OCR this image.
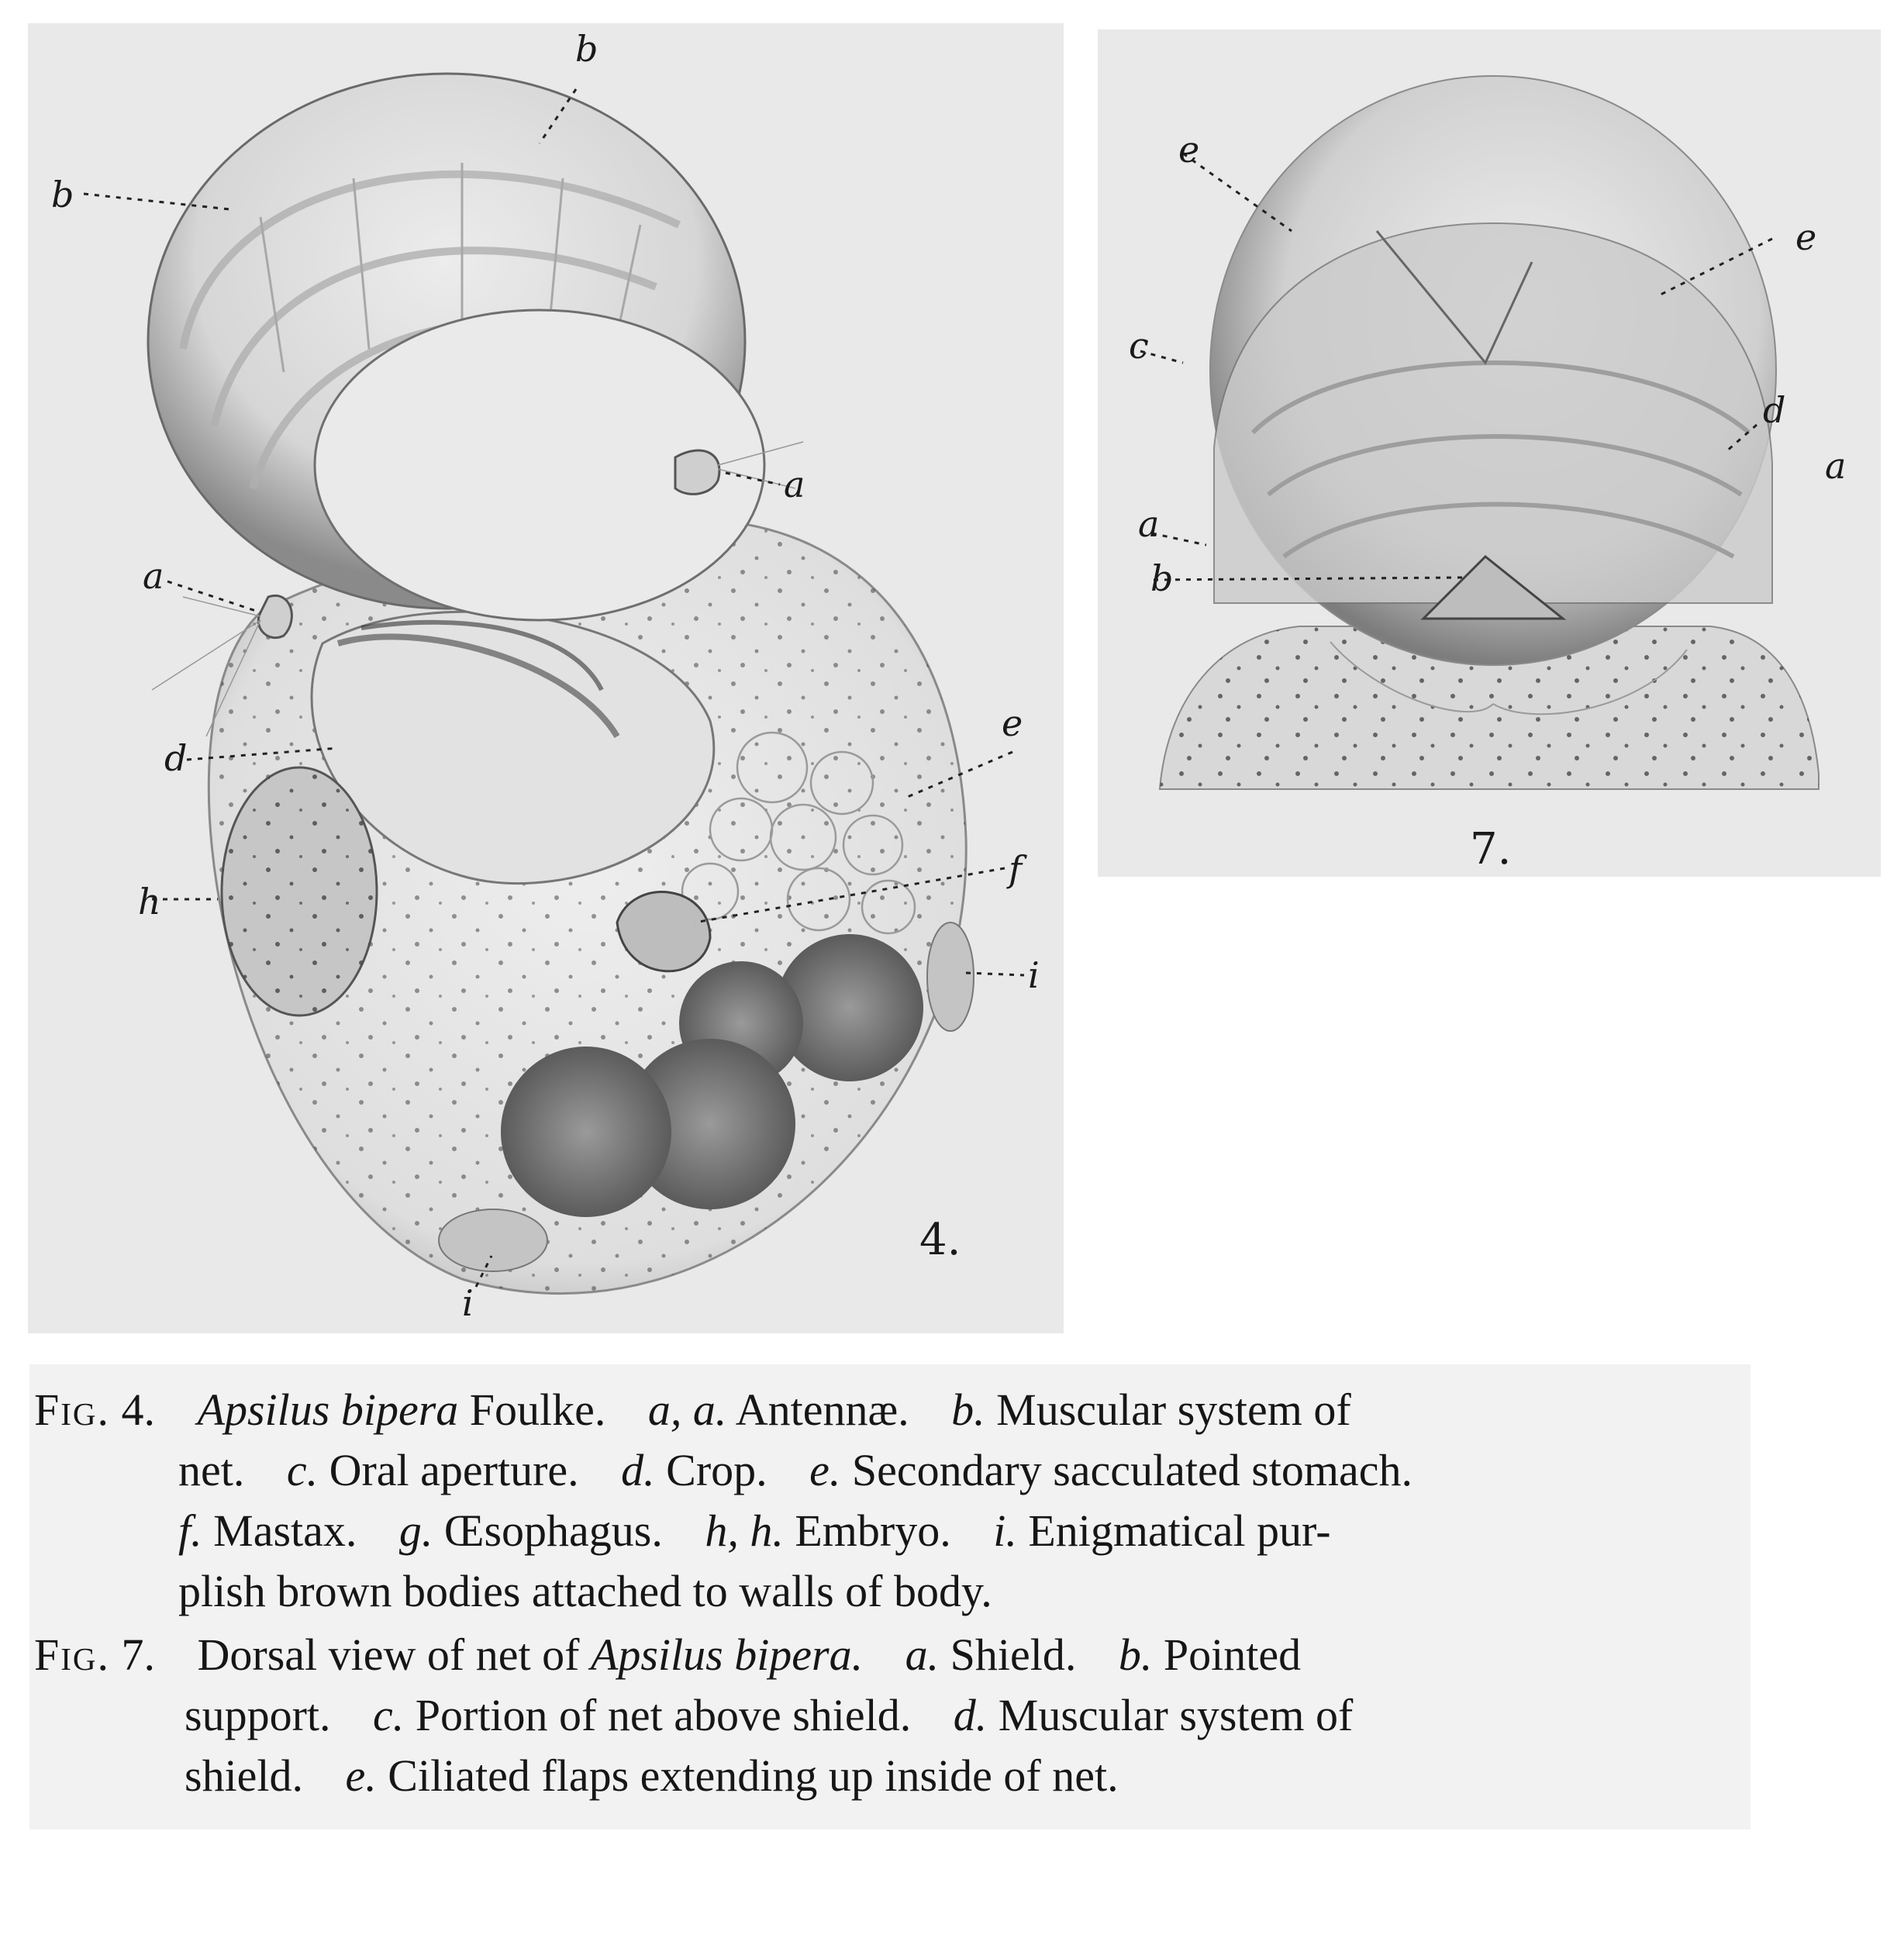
b
b
a
a
d
e
h
f
i
i
4.
e
e
c
d
a
a
b
7.
Fig. 4. Apsilus bipera Foulke. a, a. Antennæ. b. Muscular system of
net. c. Oral aperture. d. Crop. e. Secondary sacculated stomach.
f. Mastax. g. Œsophagus. h, h. Embryo. i. Enigmatical pur-
plish brown bodies attached to walls of body.
Fig. 7. Dorsal view of net of Apsilus bipera. a. Shield. b. Pointed
support. c. Portion of net above shield. d. Muscular system of
shield. e. Ciliated flaps extending up inside of net.
